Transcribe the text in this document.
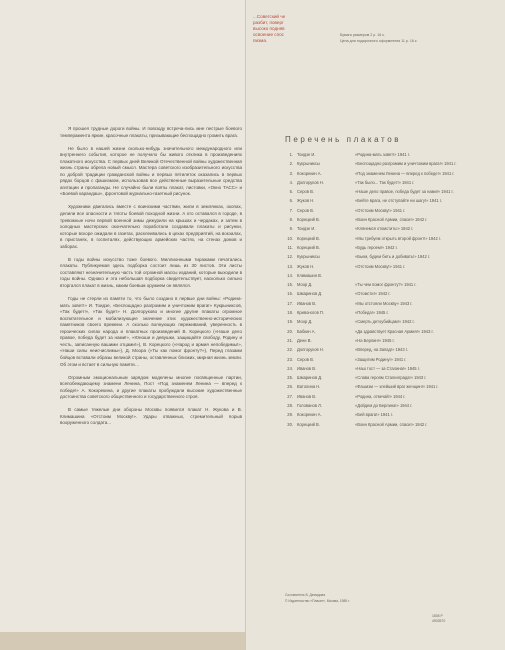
...Советский че
разбит, поверг
высоко подняв
освоение спос
пизма.
Бумага размером 2 р. 16 к.
Цена для подарочного оформления 11 р. 16 к.

Я прошел трудные дороги войны. И повсюду встреча-лись мне пестрые боевого темпераментa яркие, красочные плакаты, призывающие беспощадно громить врага.

Не было в нашей жизни сколько-нибудь значительного международного или внутреннего события, которое не получило бы живого отклика в произведениях плакатного искусства. С первых дней Великой Отечественной войны художественная жизнь страны обрела новый смысл. Мастера советского изобразительного искусства по доброй традиции гражданской войны и первых пятилеток оказались в первых рядах борцов с фашизмом, использовав все действенные выразительные средства агитации и пропаганды. Не случайно были взяты плакат, листовки, «Окно ТАСС» и «Боевой карандаш», фронтовой журнально-газетный рисунок.

Художники двигались вместе с воинскими частями, жили в землянках, окопах, делили все опасности и тяготы боевой походной жизни. А кто оставался в городе, в тревожные ночи первой военной зимы дежурили на крышах и чердаках, и затем в холодных мастерских окончательно поработали создавали плакаты и рисунки, которые вскоре ожидали в газетах, расклеивались в цехах предприятий, на вокзалах, в пристанях, в госпиталях, действующих армейских частях, на стенах домов и заборах.

В годы войны искусство тоже боевого. Миллионными тиражами печатались плакаты. Публикуемая здесь подборка состоит лишь из 30 листов. Эти листы составляют незначительную часть той огромной массы изданий, которые выходили в годы войны. Однако и эта небольшая подборка свидетельствует, насколько сильно вторгался плакат в жизнь, каким боевым оружием он являлся.

Годы не стерли из памяти то, что было создано в первые дни войны: «Родина-мать зовет!» И. Тоидзе, «Беспощадно разгромим и уничтожим врага!» Кукрыниксов, «Так будет!», «Так будет» Н. Долгоруково и многие другие плакаты огромное воспитательное и мобилизующее значение этих художественно-исторических памятников своего времени. А сколько волнующих переживаний, уверенность в героических силах народа и плакатных произведений В. Корецкого («Наше дело правое, победа будет за нами!», «Юноши и девушки, защищайте свободу, Родину и честь, записанную вашими отцами!»), В. Корецкого («Народ и армия непобедимы!», «Наши силы неисчислимы»), Д. Моора («Ты как помог фронту?»), Перед глазами бойцов вставали образы великой страны, оставленных близких, мирная жизнь земли. Об этом и встает в сильную памяти…

Огромным эмоциональным зарядом моделены многие посвященные партии, всепобеждающему знамени Ленина, Пост «Под знаменем Ленина — вперед к победе!» А. Кокорекина, и другие плакаты пробуждали высокие художественные достоинства советского общественного и государственного строя.

В самые тяжелые дни обороны Москвы появился плакат Н. Жукова и В. Климашина «Отстоим Москву!». Удары отважных, стремительный порыв вооруженного солдата...

Перечень плакатов
1. Тоидзе И.	«Родина-мать зовет!» 1941 г.
2. Кукрыниксы	«Беспощадно разгромим и уничтожим врага!» 1941 г.
3. Кокорекин А.	«Под знаменем Ленина — вперед к победе!» 1941 г.
4. Долгоруков Н.	«Так было... Так будет!» 1941 г.
5. Серов В.	«Наше дело правое, победа будет за нами!» 1941 г.
6. Жуков Н.	«Бейте врага, не отступайте ни шагу!» 1941 г.
7. Серов В.	«Отстоим Москву!» 1941 г.
8. Корецкий В.	«Воин Красной Армии, спаси!» 1942 г.
9. Тоидзе И.	«Клянемся отомстить!» 1942 г.
10. Корецкий В.	«Мы требуем открыть второй фронт!» 1942 г.
11. Корецкий В.	«Будь героем!» 1942 г.
12. Кукрыниксы	«Бьем, будем бить и добивать!» 1942 г.
13. Жуков Н.	«Отстоим Москву!» 1941 г.
14. Климашин В.
15. Моор Д.	«Ты чем помог фронту?» 1941 г.
16. Шмаринов Д.	«Отомсти!» 1942 г.
17. Иванов В.	«Мы отстояли Москву» 1943 г.
18. Кривоногов П.	«Победа!» 1945 г.
19. Моор Д.	«Смерть детоубийцам!» 1942 г.
20. Бабкин А.	«Да здравствует Красная Армия!» 1943 г.
21. Дени В.	«На Берлин!» 1945 г.
22. Долгоруков Н.	«Вперед, на Запад!» 1943 г.
23. Серов В.	«Защитим Родину!» 1941 г.
24. Иванов В.	«Наш тост — за Сталина!» 1945 г.
25. Шмаринов Д.	«Слава героям Сталинграда!» 1943 г.
26. Ватолина Н.	«Фашизм — злейший враг женщин!» 1941 г.
27. Иванов В.	«Родина, отвечай!» 1944 г.
28. Голованов Л.	«Дойдем до Берлина!» 1944 г.
29. Кокорекин А.	«Бей врага!» 1941 г.
30. Корецкий В.	«Воин Красной Армии, спаси!» 1942 г.
Составитель В. Демидова
© Издательство «Плакат», Москва, 1985 г.
1808 Р
4903570
